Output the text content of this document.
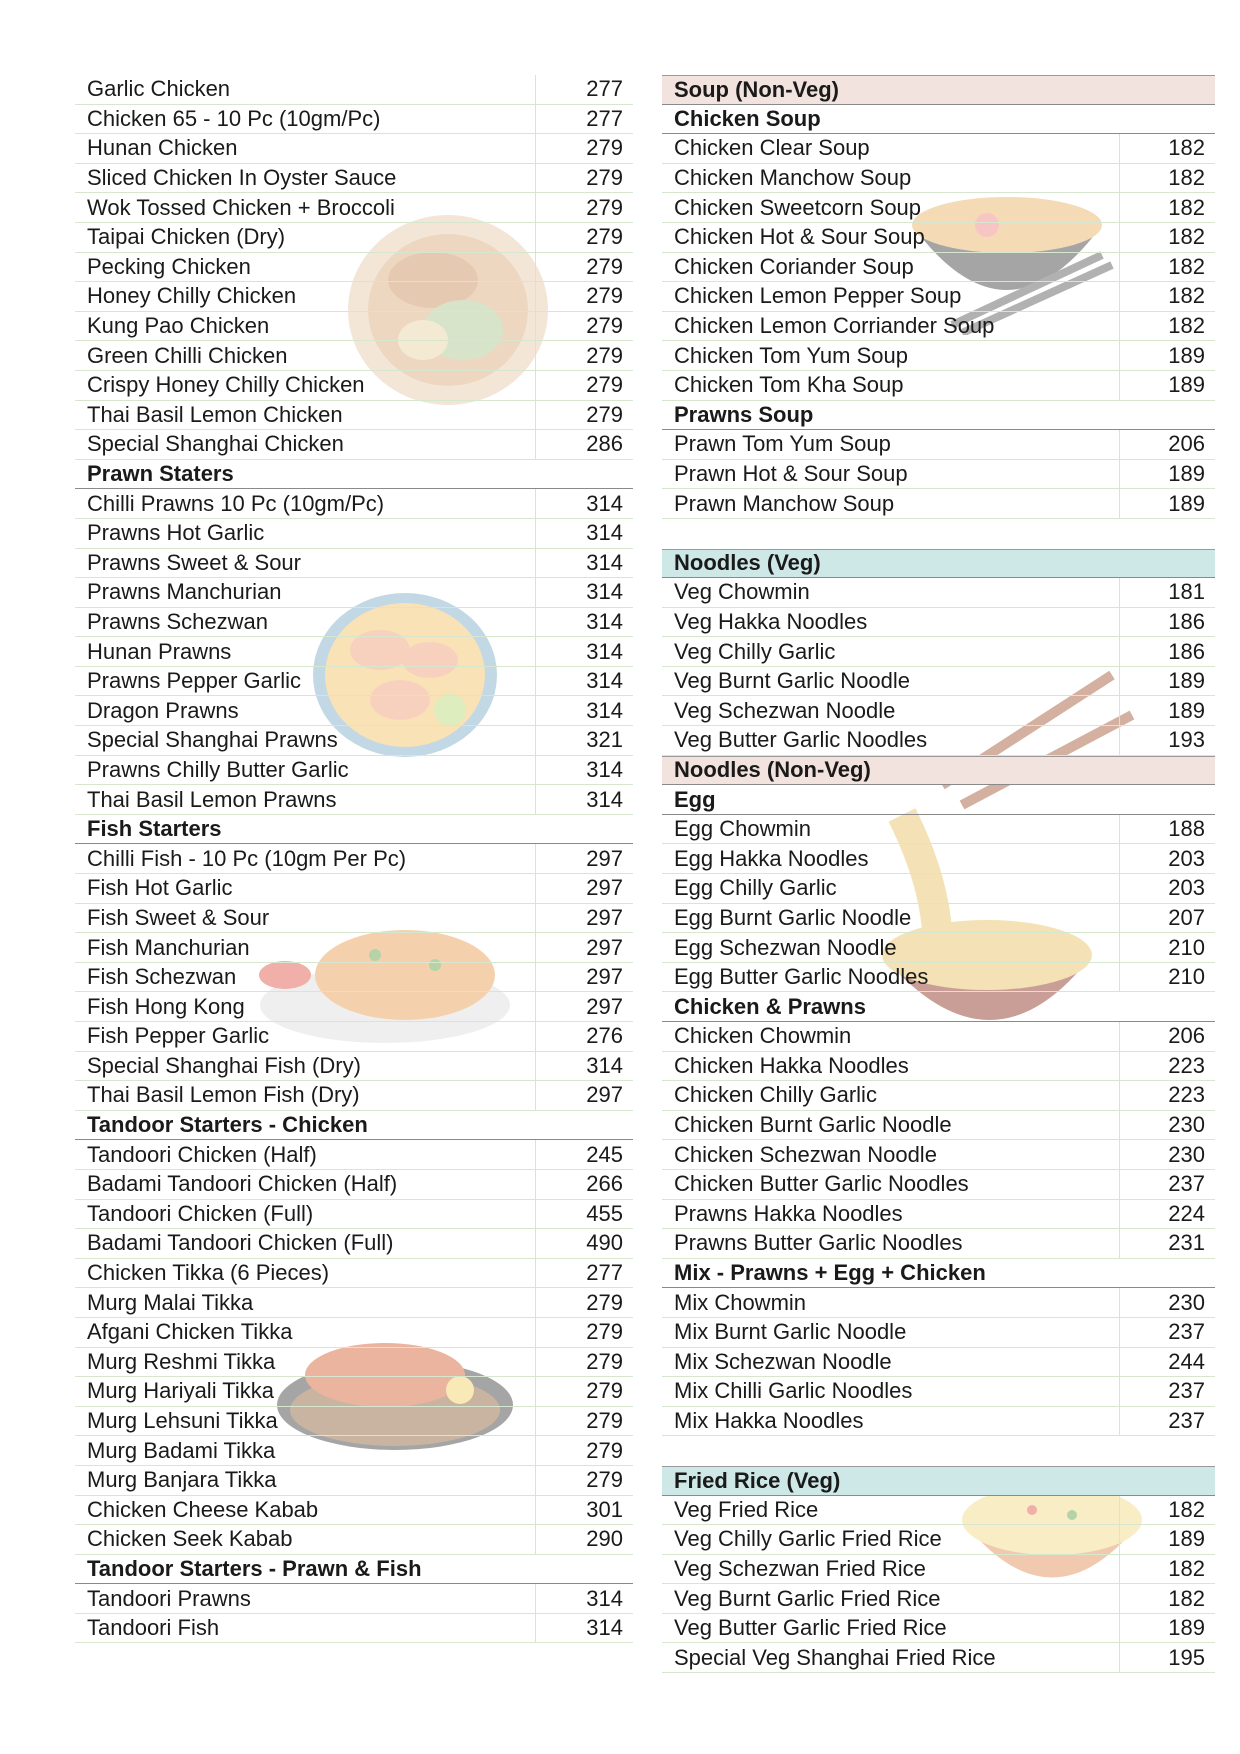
Garlic Chicken	277
Chicken 65 - 10 Pc (10gm/Pc)	277
Hunan Chicken	279
Sliced Chicken In Oyster Sauce	279
Wok Tossed Chicken + Broccoli	279
Taipai Chicken (Dry)	279
Pecking Chicken	279
Honey Chilly Chicken	279
Kung Pao Chicken	279
Green Chilli Chicken	279
Crispy Honey Chilly Chicken	279
Thai Basil Lemon Chicken	279
Special Shanghai Chicken	286
Prawn Staters
Chilli Prawns 10 Pc (10gm/Pc)	314
Prawns Hot Garlic	314
Prawns Sweet & Sour	314
Prawns Manchurian	314
Prawns Schezwan	314
Hunan Prawns	314
Prawns Pepper Garlic	314
Dragon Prawns	314
Special Shanghai Prawns	321
Prawns Chilly Butter Garlic	314
Thai Basil Lemon Prawns	314
Fish Starters
Chilli Fish - 10 Pc (10gm Per Pc)	297
Fish Hot Garlic	297
Fish Sweet & Sour	297
Fish Manchurian	297
Fish Schezwan	297
Fish Hong Kong	297
Fish Pepper Garlic	276
Special Shanghai Fish (Dry)	314
Thai Basil Lemon Fish (Dry)	297
Tandoor Starters - Chicken
Tandoori Chicken (Half)	245
Badami Tandoori Chicken (Half)	266
Tandoori Chicken (Full)	455
Badami Tandoori Chicken (Full)	490
Chicken Tikka (6 Pieces)	277
Murg Malai Tikka	279
Afgani Chicken Tikka	279
Murg Reshmi Tikka	279
Murg Hariyali Tikka	279
Murg Lehsuni Tikka	279
Murg Badami Tikka	279
Murg Banjara Tikka	279
Chicken Cheese Kabab	301
Chicken Seek Kabab	290
Tandoor Starters - Prawn & Fish
Tandoori Prawns	314
Tandoori Fish	314
Soup (Non-Veg)
Chicken Soup
Chicken Clear Soup	182
Chicken Manchow Soup	182
Chicken Sweetcorn Soup	182
Chicken Hot & Sour Soup	182
Chicken Coriander Soup	182
Chicken Lemon Pepper Soup	182
Chicken Lemon Corriander Soup	182
Chicken Tom Yum Soup	189
Chicken Tom Kha Soup	189
Prawns Soup
Prawn Tom Yum Soup	206
Prawn Hot & Sour Soup	189
Prawn Manchow Soup	189
Noodles (Veg)
Veg Chowmin	181
Veg Hakka Noodles	186
Veg Chilly Garlic	186
Veg Burnt Garlic Noodle	189
Veg Schezwan Noodle	189
Veg Butter Garlic Noodles	193
Noodles (Non-Veg)
Egg
Egg Chowmin	188
Egg Hakka Noodles	203
Egg Chilly Garlic	203
Egg Burnt Garlic Noodle	207
Egg Schezwan Noodle	210
Egg Butter Garlic Noodles	210
Chicken & Prawns
Chicken Chowmin	206
Chicken Hakka Noodles	223
Chicken Chilly Garlic	223
Chicken Burnt Garlic Noodle	230
Chicken Schezwan Noodle	230
Chicken Butter Garlic Noodles	237
Prawns Hakka Noodles	224
Prawns Butter Garlic Noodles	231
Mix - Prawns + Egg + Chicken
Mix Chowmin	230
Mix Burnt Garlic Noodle	237
Mix Schezwan Noodle	244
Mix Chilli Garlic Noodles	237
Mix Hakka Noodles	237
Fried Rice (Veg)
Veg Fried Rice	182
Veg Chilly Garlic Fried Rice	189
Veg Schezwan Fried Rice	182
Veg Burnt Garlic Fried Rice	182
Veg Butter Garlic Fried Rice	189
Special Veg Shanghai Fried Rice	195
